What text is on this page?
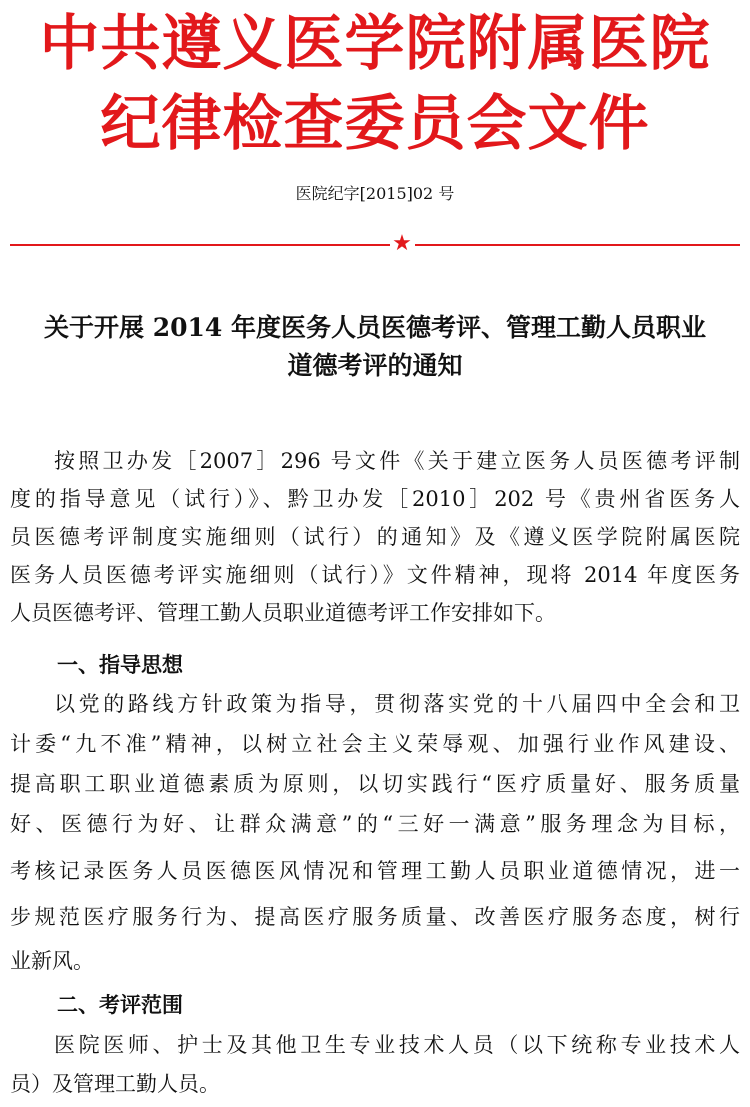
中共遵义医学院附属医院
纪律检查委员会文件
医院纪字[2015]02 号
★
关于开展 2014 年度医务人员医德考评、管理工勤人员职业
道德考评的通知
按照卫办发［2007］296 号文件《关于建立医务人员医德考评制
度的指导意见（试行）》、黔卫办发［2010］202 号《贵州省医务人
员医德考评制度实施细则（试行）的通知》及《遵义医学院附属医院
医务人员医德考评实施细则（试行）》文件精神，现将 2014 年度医务
人员医德考评、管理工勤人员职业道德考评工作安排如下。
一、指导思想
以党的路线方针政策为指导，贯彻落实党的十八届四中全会和卫
计委“九不准”精神，以树立社会主义荣辱观、加强行业作风建设、
提高职工职业道德素质为原则，以切实践行“医疗质量好、服务质量
好、医德行为好、让群众满意”的“三好一满意”服务理念为目标，
考核记录医务人员医德医风情况和管理工勤人员职业道德情况，进一
步规范医疗服务行为、提高医疗服务质量、改善医疗服务态度，树行
业新风。
二、考评范围
医院医师、护士及其他卫生专业技术人员（以下统称专业技术人
员）及管理工勤人员。
